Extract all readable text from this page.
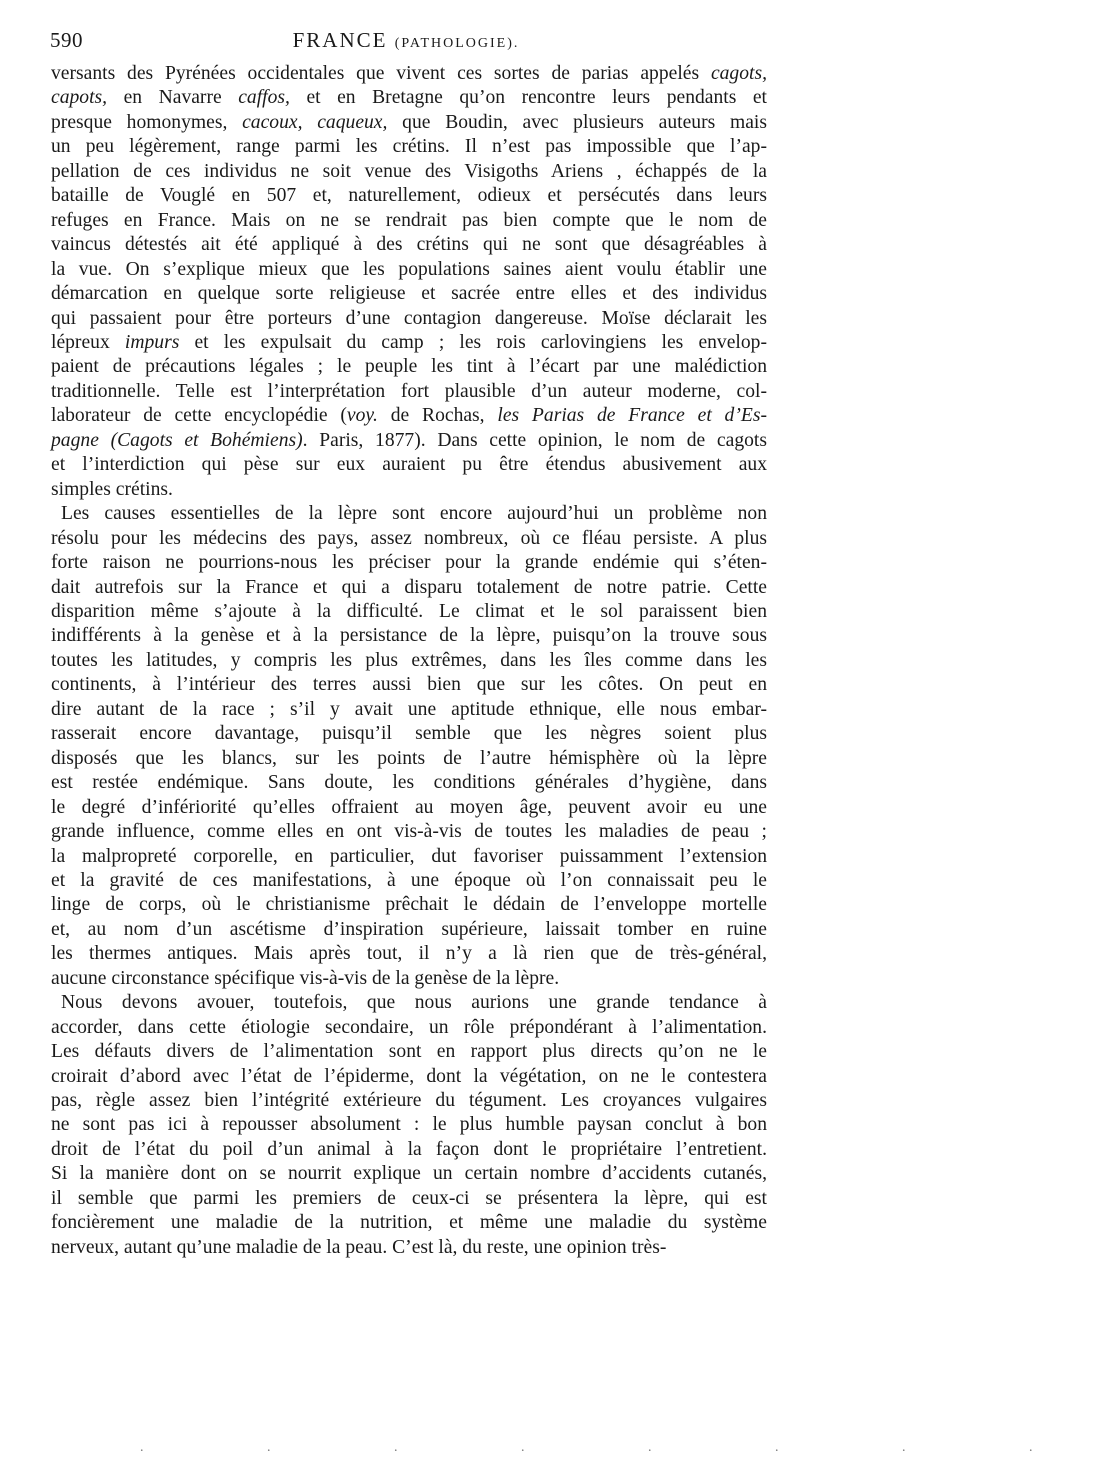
590	FRANCE (PATHOLOGIE).

versants des Pyrénées occidentales que vivent ces sortes de parias appelés cagots,
capots, en Navarre caffos, et en Bretagne qu’on rencontre leurs pendants et
presque homonymes, cacoux, caqueux, que Boudin, avec plusieurs auteurs mais
un peu légèrement, range parmi les crétins. Il n’est pas impossible que l’ap-
pellation de ces individus ne soit venue des Visigoths Ariens , échappés de la
bataille de Vouglé en 507 et, naturellement, odieux et persécutés dans leurs
refuges en France. Mais on ne se rendrait pas bien compte que le nom de
vaincus détestés ait été appliqué à des crétins qui ne sont que désagréables à
la vue. On s’explique mieux que les populations saines aient voulu établir une
démarcation en quelque sorte religieuse et sacrée entre elles et des individus
qui passaient pour être porteurs d’une contagion dangereuse. Moïse déclarait les
lépreux impurs et les expulsait du camp ; les rois carlovingiens les envelop-
paient de précautions légales ; le peuple les tint à l’écart par une malédiction
traditionnelle. Telle est l’interprétation fort plausible d’un auteur moderne, col-
laborateur de cette encyclopédie (voy. de Rochas, les Parias de France et d’Es-
pagne (Cagots et Bohémiens). Paris, 1877). Dans cette opinion, le nom de cagots
et l’interdiction qui pèse sur eux auraient pu être étendus abusivement aux
simples crétins.

Les causes essentielles de la lèpre sont encore aujourd’hui un problème non
résolu pour les médecins des pays, assez nombreux, où ce fléau persiste. A plus
forte raison ne pourrions-nous les préciser pour la grande endémie qui s’éten-
dait autrefois sur la France et qui a disparu totalement de notre patrie. Cette
disparition même s’ajoute à la difficulté. Le climat et le sol paraissent bien
indifférents à la genèse et à la persistance de la lèpre, puisqu’on la trouve sous
toutes les latitudes, y compris les plus extrêmes, dans les îles comme dans les
continents, à l’intérieur des terres aussi bien que sur les côtes. On peut en
dire autant de la race ; s’il y avait une aptitude ethnique, elle nous embar-
rasserait encore davantage, puisqu’il semble que les nègres soient plus
disposés que les blancs, sur les points de l’autre hémisphère où la lèpre
est restée endémique. Sans doute, les conditions générales d’hygiène, dans
le degré d’infériorité qu’elles offraient au moyen âge, peuvent avoir eu une
grande influence, comme elles en ont vis-à-vis de toutes les maladies de peau ;
la malpropreté corporelle, en particulier, dut favoriser puissamment l’extension
et la gravité de ces manifestations, à une époque où l’on connaissait peu le
linge de corps, où le christianisme prêchait le dédain de l’enveloppe mortelle
et, au nom d’un ascétisme d’inspiration supérieure, laissait tomber en ruine
les thermes antiques. Mais après tout, il n’y a là rien que de très-général,
aucune circonstance spécifique vis-à-vis de la genèse de la lèpre.

Nous devons avouer, toutefois, que nous aurions une grande tendance à
accorder, dans cette étiologie secondaire, un rôle prépondérant à l’alimentation.
Les défauts divers de l’alimentation sont en rapport plus directs qu’on ne le
croirait d’abord avec l’état de l’épiderme, dont la végétation, on ne le contestera
pas, règle assez bien l’intégrité extérieure du tégument. Les croyances vulgaires
ne sont pas ici à repousser absolument : le plus humble paysan conclut à bon
droit de l’état du poil d’un animal à la façon dont le propriétaire l’entretient.
Si la manière dont on se nourrit explique un certain nombre d’accidents cutanés,
il semble que parmi les premiers de ceux-ci se présentera la lèpre, qui est
foncièrement une maladie de la nutrition, et même une maladie du système
nerveux, autant qu’une maladie de la peau. C’est là, du reste, une opinion très-

. . . . . . . .
